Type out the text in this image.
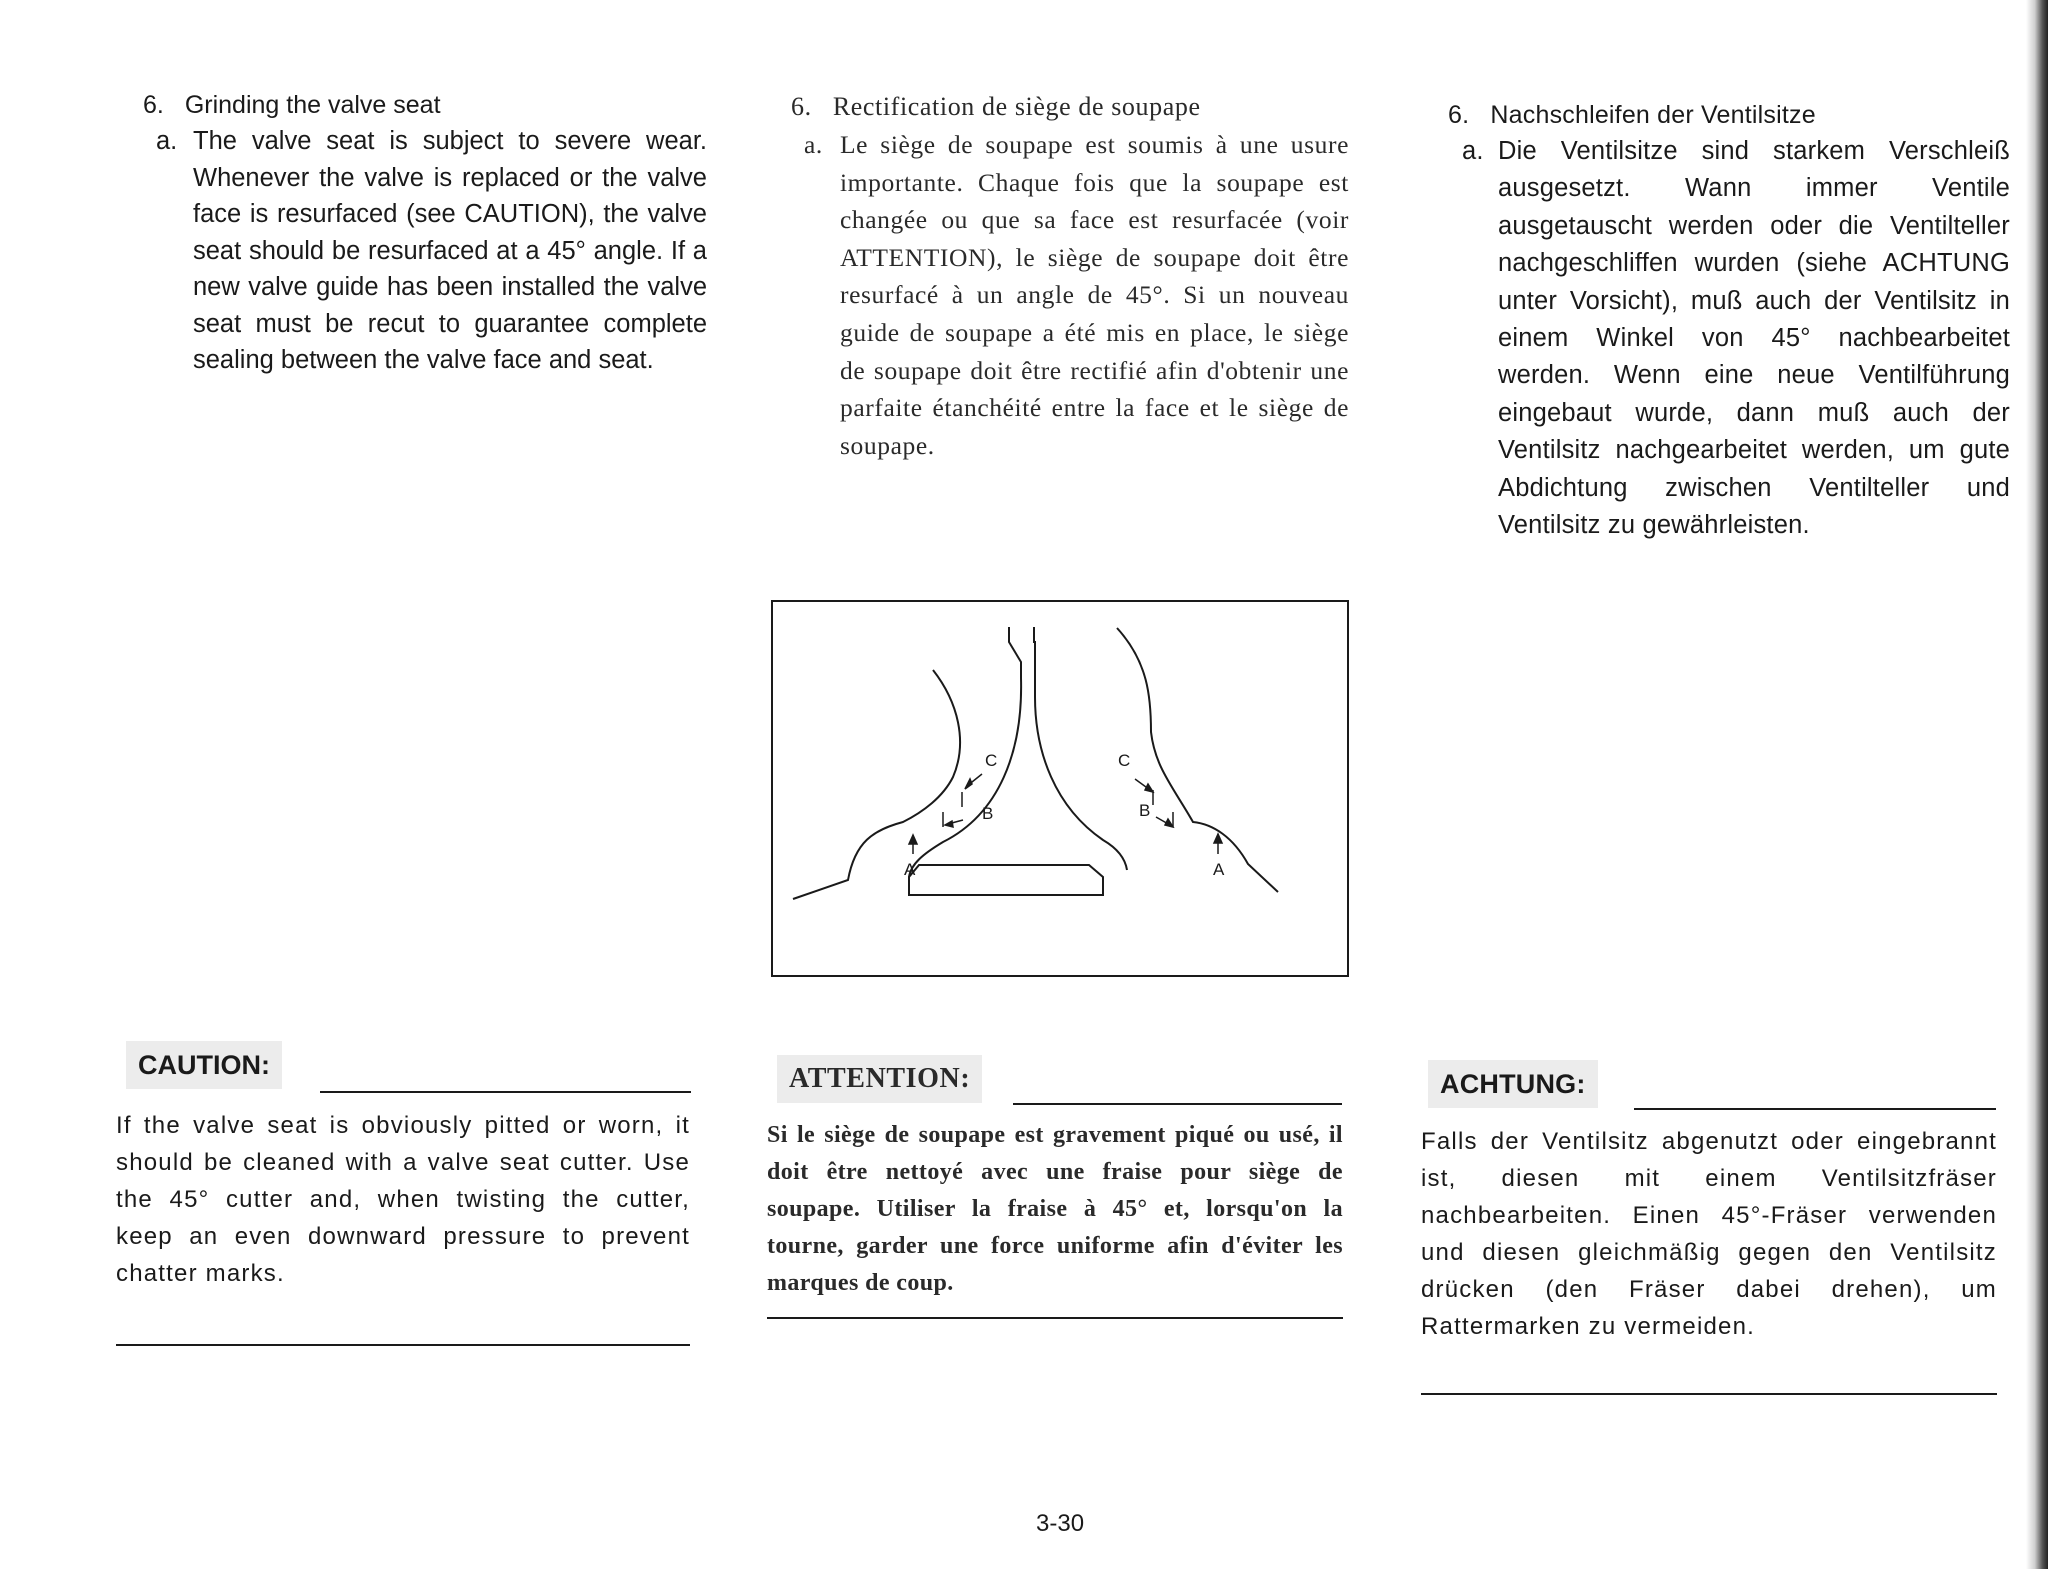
6. Grinding the valve seat
a. The valve seat is subject to severe wear. Whenever the valve is replaced or the valve face is resurfaced (see CAUTION), the valve seat should be resurfaced at a 45° angle. If a new valve guide has been installed the valve seat must be recut to guarantee complete sealing between the valve face and seat.
CAUTION:
If the valve seat is obviously pitted or worn, it should be cleaned with a valve seat cutter. Use the 45° cutter and, when twisting the cutter, keep an even downward pressure to prevent chatter marks.
6. Rectification de siège de soupape
a. Le siège de soupape est soumis à une usure importante. Chaque fois que la soupape est changée ou que sa face est resurfacée (voir ATTENTION), le siège de soupape doit être resurfacé à un angle de 45°. Si un nouveau guide de soupape a été mis en place, le siège de soupape doit être rectifié afin d'obtenir une parfaite étanchéité entre la face et le siège de soupape.
C
B
A
C
B
A
ATTENTION:
Si le siège de soupape est gravement piqué ou usé, il doit être nettoyé avec une fraise pour siège de soupape. Utiliser la fraise à 45° et, lorsqu'on la tourne, garder une force uniforme afin d'éviter les marques de coup.
6. Nachschleifen der Ventilsitze
a. Die Ventilsitze sind starkem Verschleiß ausgesetzt. Wann immer Ventile ausgetauscht werden oder die Ventilteller nachgeschliffen wurden (siehe ACHTUNG unter Vorsicht), muß auch der Ventilsitz in einem Winkel von 45° nachbearbeitet werden. Wenn eine neue Ventilführung eingebaut wurde, dann muß auch der Ventilsitz nachgearbeitet werden, um gute Abdichtung zwischen Ventilteller und Ventilsitz zu gewährleisten.
ACHTUNG:
Falls der Ventilsitz abgenutzt oder eingebrannt ist, diesen mit einem Ventilsitzfräser nachbearbeiten. Einen 45°-Fräser verwenden und diesen gleichmäßig gegen den Ventilsitz drücken (den Fräser dabei drehen), um Rattermarken zu vermeiden.
3-30
